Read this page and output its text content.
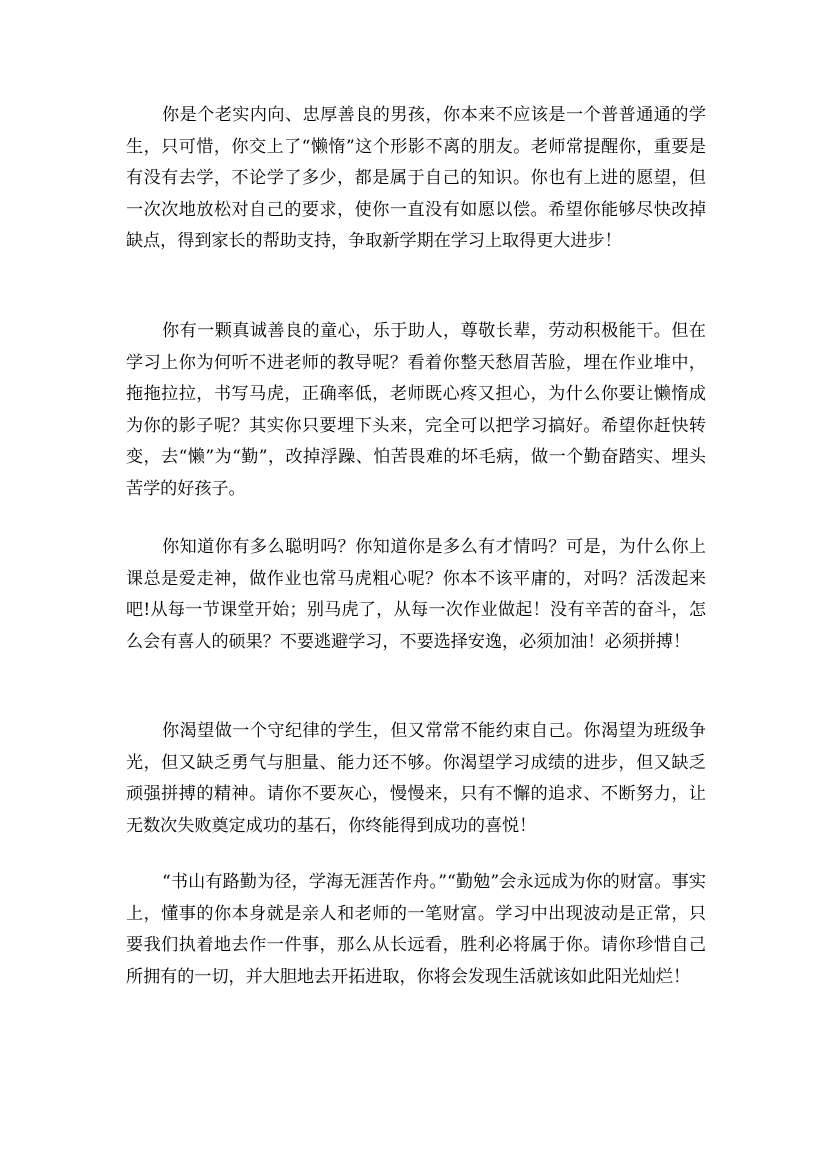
你是个老实内向、忠厚善良的男孩，你本来不应该是一个普普通通的学生，只可惜，你交上了“懒惰”这个形影不离的朋友。老师常提醒你，重要是有没有去学，不论学了多少，都是属于自己的知识。你也有上进的愿望，但一次次地放松对自己的要求，使你一直没有如愿以偿。希望你能够尽快改掉缺点，得到家长的帮助支持，争取新学期在学习上取得更大进步！

你有一颗真诚善良的童心，乐于助人，尊敬长辈，劳动积极能干。但在学习上你为何听不进老师的教导呢？看着你整天愁眉苦脸，埋在作业堆中，拖拖拉拉，书写马虎，正确率低，老师既心疼又担心，为什么你要让懒惰成为你的影子呢？其实你只要埋下头来，完全可以把学习搞好。希望你赶快转变，去“懒”为“勤”，改掉浮躁、怕苦畏难的坏毛病，做一个勤奋踏实、埋头苦学的好孩子。

你知道你有多么聪明吗？你知道你是多么有才情吗？可是，为什么你上课总是爱走神，做作业也常马虎粗心呢？你本不该平庸的，对吗？活泼起来吧!从每一节课堂开始；别马虎了，从每一次作业做起！没有辛苦的奋斗，怎么会有喜人的硕果？不要逃避学习，不要选择安逸，必须加油！必须拼搏！

你渴望做一个守纪律的学生，但又常常不能约束自己。你渴望为班级争光，但又缺乏勇气与胆量、能力还不够。你渴望学习成绩的进步，但又缺乏顽强拼搏的精神。请你不要灰心，慢慢来，只有不懈的追求、不断努力，让无数次失败奠定成功的基石，你终能得到成功的喜悦！

“书山有路勤为径，学海无涯苦作舟。”“勤勉”会永远成为你的财富。事实上，懂事的你本身就是亲人和老师的一笔财富。学习中出现波动是正常，只要我们执着地去作一件事，那么从长远看，胜利必将属于你。请你珍惜自己所拥有的一切，并大胆地去开拓进取，你将会发现生活就该如此阳光灿烂！
